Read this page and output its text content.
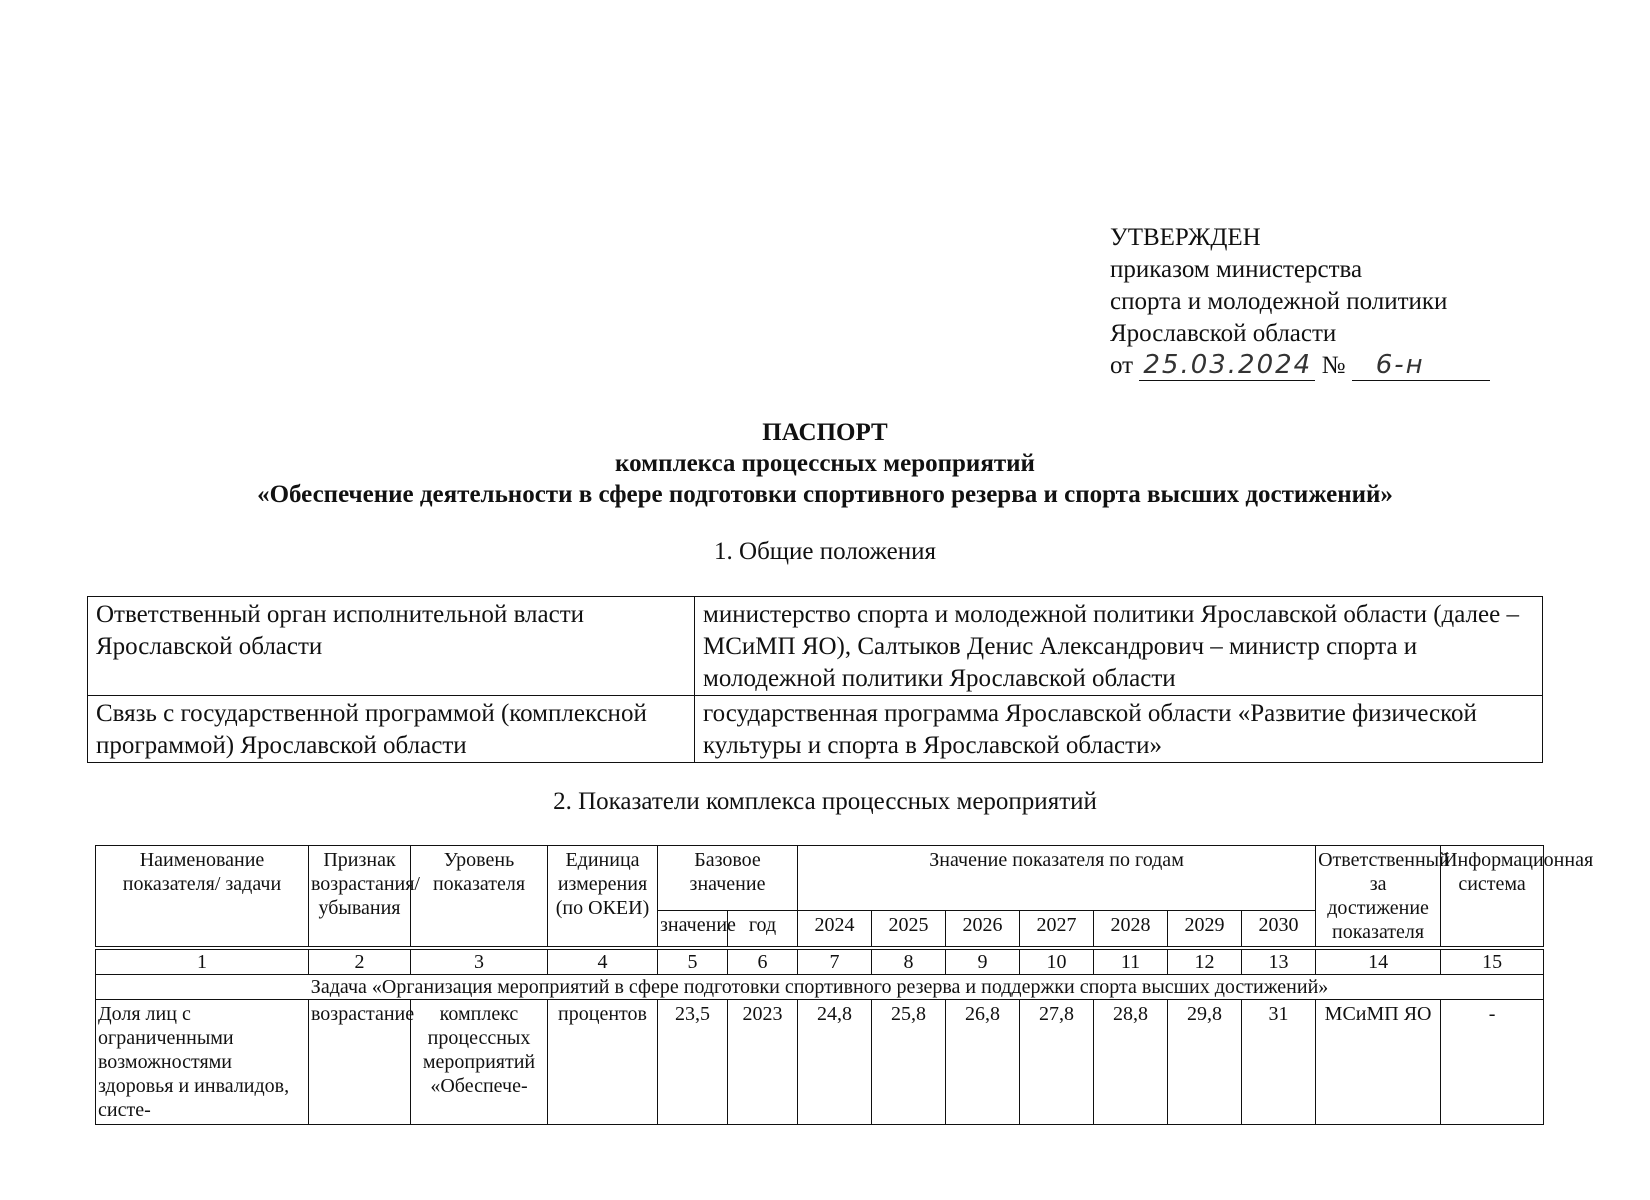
УТВЕРЖДЕН
приказом министерства
спорта и молодежной политики
Ярославской области
от 25.03.2024 № 6-н
ПАСПОРТ
комплекса процессных мероприятий
«Обеспечение деятельности в сфере подготовки спортивного резерва и спорта высших достижений»
1. Общие положения
Ответственный орган исполнительной власти Ярославской области	министерство спорта и молодежной политики Ярославской области (далее – МСиМП ЯО), Салтыков Денис Александрович – министр спорта и молодежной политики Ярославской области
Связь с государственной программой (комплексной программой) Ярославской области	государственная программа Ярославской области «Развитие физической культуры и спорта в Ярославской области»
2. Показатели комплекса процессных мероприятий
Наименование показателя/ задачи	Признак возрастания/ убывания	Уровень показателя	Единица измерения (по ОКЕИ)	Базовое значение		Значение показателя по годам							Ответственный за достижение показателя	Информационная система
				значение	год	2024	2025	2026	2027	2028	2029	2030		

1	2	3	4	5	6	7	8	9	10	11	12	13	14	15
Задача «Организация мероприятий в сфере подготовки спортивного резерва и поддержки спорта высших достижений»														
Доля лиц с ограниченными возможностями здоровья и инвалидов, систе-	возрастание	комплекс процессных мероприятий «Обеспече-	процентов	23,5	2023	24,8	25,8	26,8	27,8	28,8	29,8	31	МСиМП ЯО	-
